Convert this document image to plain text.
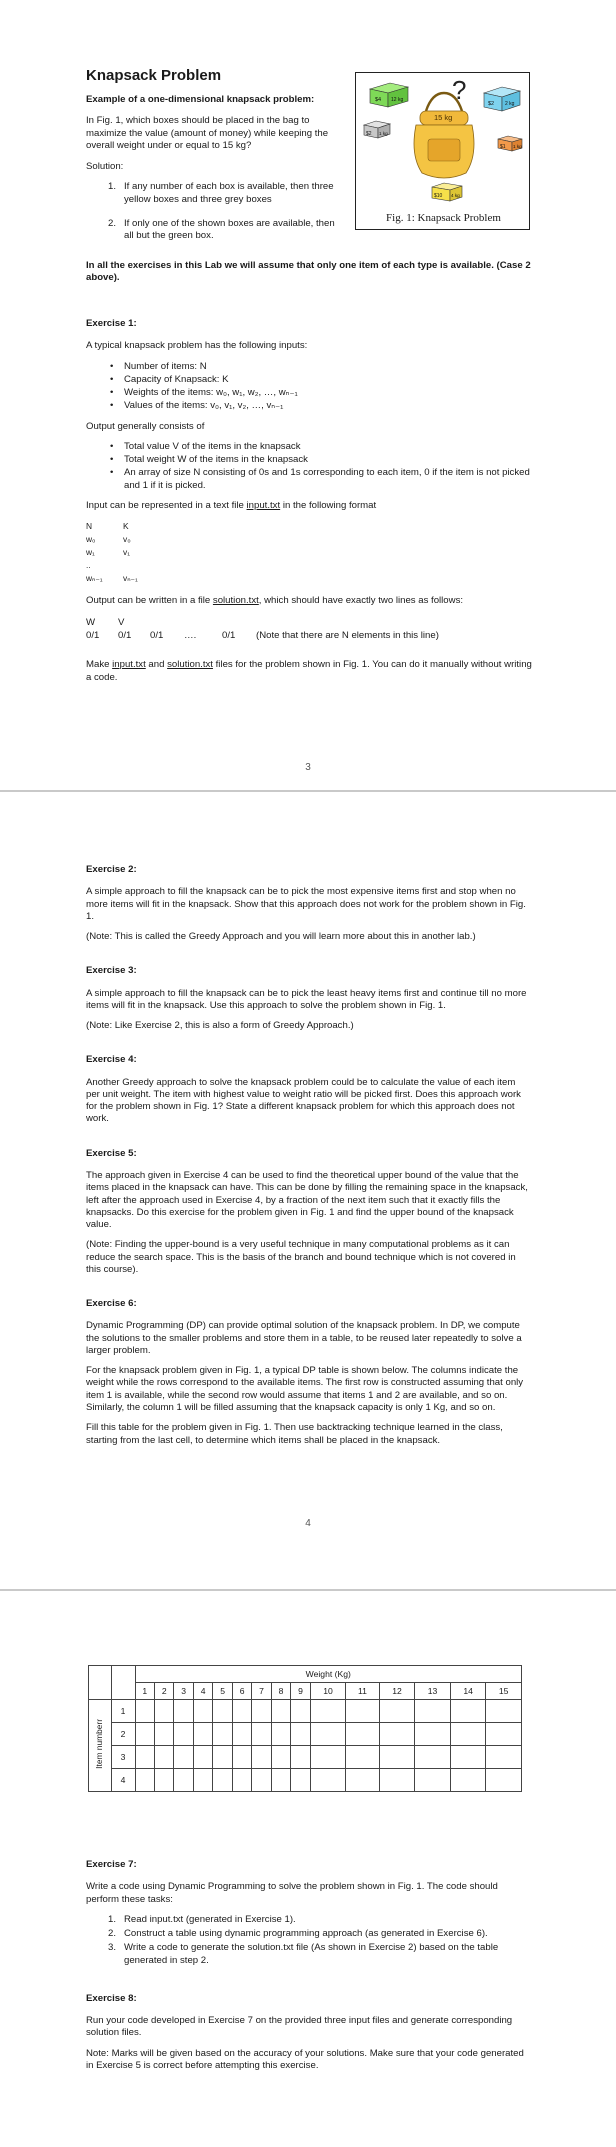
Knapsack Problem

Example of a one-dimensional knapsack problem:

In Fig. 1, which boxes should be placed in the bag to maximize the value (amount of money) while keeping the overall weight under or equal to 15 kg?

Solution:

1. If any number of each box is available, then three yellow boxes and three grey boxes
2. If only one of the shown boxes are available, then all but the green box.
?
$4 12 kg
15 kg
$2 2 kg
$2 1 kg
$1 1 kg
$10 4 kg
Fig. 1: Knapsack Problem

In all the exercises in this Lab we will assume that only one item of each type is available. (Case 2 above).

Exercise 1:

A typical knapsack problem has the following inputs:

• Number of items: N
• Capacity of Knapsack: K
• Weights of the items: w₀, w₁, w₂, …, wₙ₋₁
• Values of the items: v₀, v₁, v₂, …, vₙ₋₁

Output generally consists of

• Total value V of the items in the knapsack
• Total weight W of the items in the knapsack
• An array of size N consisting of 0s and 1s corresponding to each item, 0 if the item is not picked and 1 if it is picked.

Input can be represented in a text file input.txt in the following format

N	K
w₀	v₀
w₁	v₁
..
wₙ₋₁ vₙ₋₁

Output can be written in a file solution.txt, which should have exactly two lines as follows:

W V
0/1 0/1 0/1 ….	0/1 (Note that there are N elements in this line)

Make input.txt and solution.txt files for the problem shown in Fig. 1. You can do it manually without writing a code.

3

Exercise 2:

A simple approach to fill the knapsack can be to pick the most expensive items first and stop when no more items will fit in the knapsack. Show that this approach does not work for the problem shown in Fig. 1.

(Note: This is called the Greedy Approach and you will learn more about this in another lab.)

Exercise 3:

A simple approach to fill the knapsack can be to pick the least heavy items first and continue till no more items will fit in the knapsack. Use this approach to solve the problem shown in Fig. 1.

(Note: Like Exercise 2, this is also a form of Greedy Approach.)

Exercise 4:

Another Greedy approach to solve the knapsack problem could be to calculate the value of each item per unit weight. The item with highest value to weight ratio will be picked first. Does this approach work for the problem shown in Fig. 1? State a different knapsack problem for which this approach does not work.

Exercise 5:

The approach given in Exercise 4 can be used to find the theoretical upper bound of the value that the items placed in the knapsack can have. This can be done by filling the remaining space in the knapsack, left after the approach used in Exercise 4, by a fraction of the next item such that it exactly fills the knapsacks. Do this exercise for the problem given in Fig. 1 and find the upper bound of the knapsack value.

(Note: Finding the upper-bound is a very useful technique in many computational problems as it can reduce the search space. This is the basis of the branch and bound technique which is not covered in this course).

Exercise 6:

Dynamic Programming (DP) can provide optimal solution of the knapsack problem. In DP, we compute the solutions to the smaller problems and store them in a table, to be reused later repeatedly to solve a larger problem.

For the knapsack problem given in Fig. 1, a typical DP table is shown below. The columns indicate the weight while the rows correspond to the available items. The first row is constructed assuming that only item 1 is available, while the second row would assume that items 1 and 2 are available, and so on. Similarly, the column 1 will be filled assuming that the knapsack capacity is only 1 Kg, and so on.

Fill this table for the problem given in Fig. 1. Then use backtracking technique learned in the class, starting from the last cell, to determine which items shall be placed in the knapsack.

4
		Weight (Kg)														
		1	2	3	4	5	6	7	8	9	10	11	12	13	14	15
Item numberr	1															
	2															
	3															
	4															

Exercise 7:

Write a code using Dynamic Programming to solve the problem shown in Fig. 1. The code should perform these tasks:

1. Read input.txt (generated in Exercise 1).
2. Construct a table using dynamic programming approach (as generated in Exercise 6).
3. Write a code to generate the solution.txt file (As shown in Exercise 2) based on the table generated in step 2.

Exercise 8:

Run your code developed in Exercise 7 on the provided three input files and generate corresponding solution files.

Note: Marks will be given based on the accuracy of your solutions. Make sure that your code generated in Exercise 5 is correct before attempting this exercise.
